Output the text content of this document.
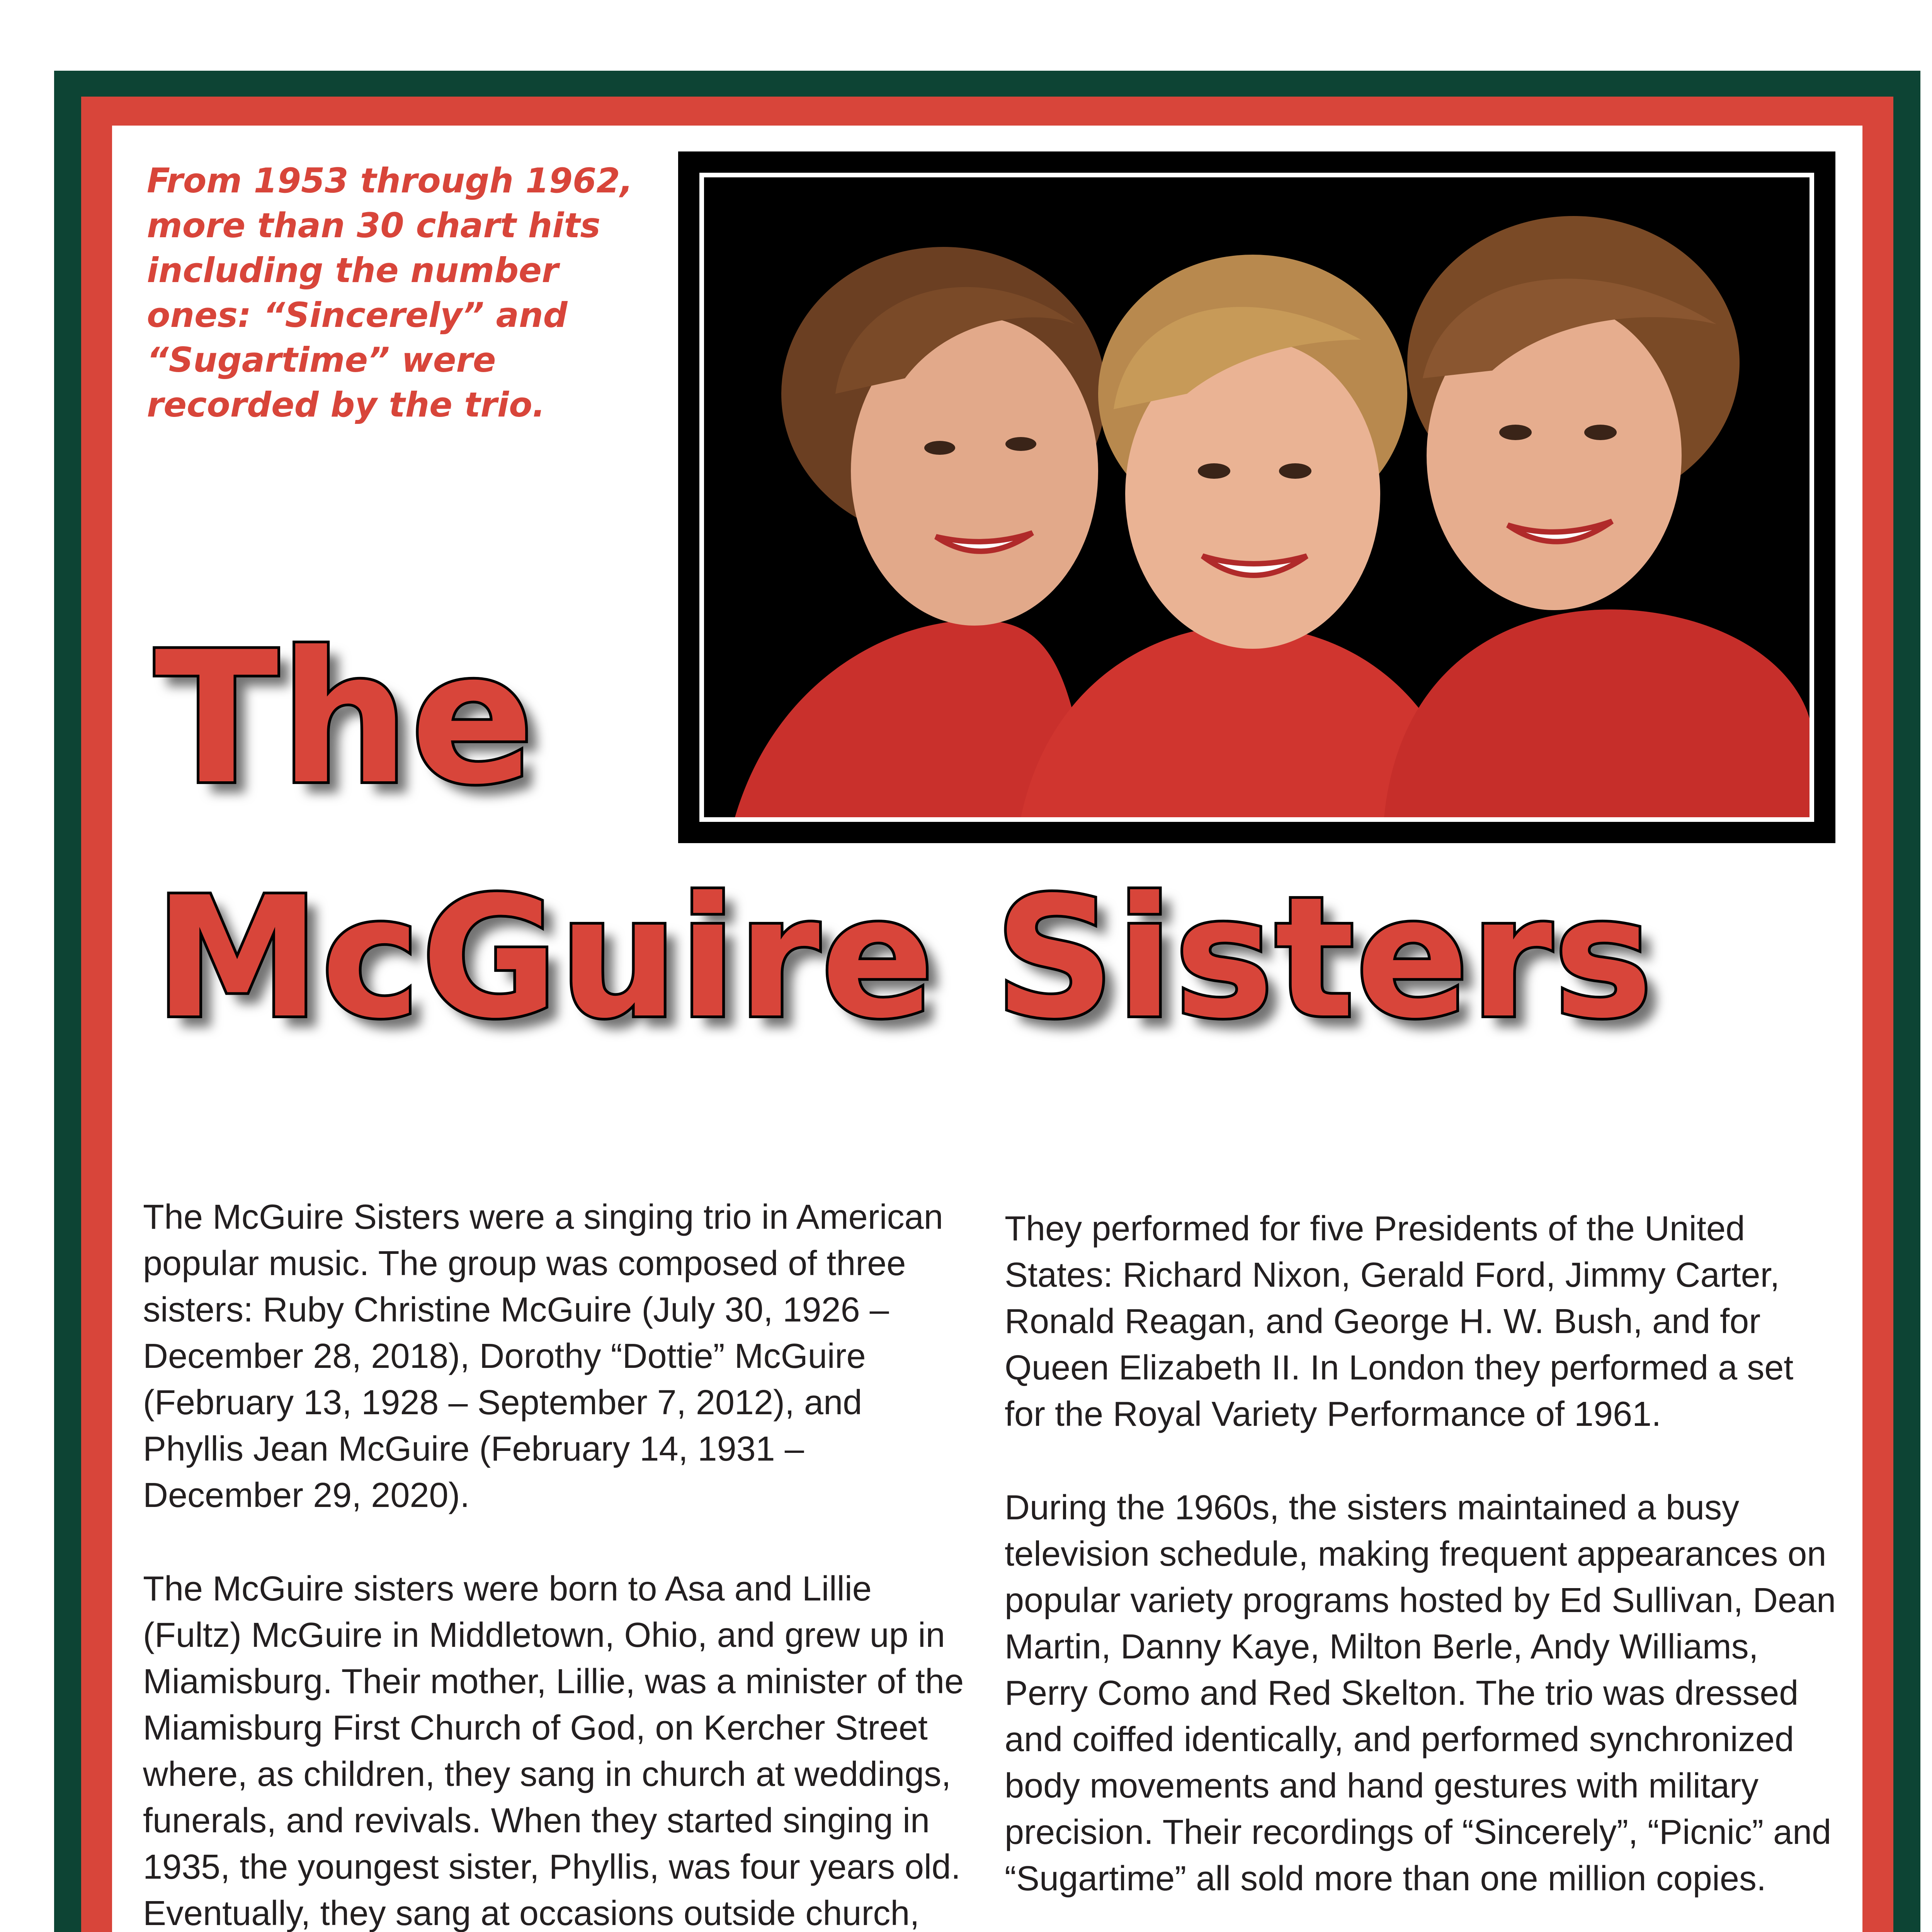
From 1953 through 1962, more than 30 chart hits including the number ones: “Sincerely” and “Sugartime” were recorded by the trio.

The
McGuire Sisters

The McGuire Sisters were a singing trio in American popular music. The group was composed of three sisters: Ruby Christine McGuire (July 30, 1926 – December 28, 2018), Dorothy “Dottie” McGuire (February 13, 1928 – September 7, 2012), and Phyllis Jean McGuire (February 14, 1931 – December 29, 2020).

The McGuire sisters were born to Asa and Lillie (Fultz) McGuire in Middletown, Ohio, and grew up in Miamisburg. Their mother, Lillie, was a minister of the Miamisburg First Church of God, on Kercher Street where, as children, they sang in church at weddings, funerals, and revivals. When they started singing in 1935, the youngest sister, Phyllis, was four years old. Eventually, they sang at occasions outside church,

They performed for five Presidents of the United States: Richard Nixon, Gerald Ford, Jimmy Carter, Ronald Reagan, and George H. W. Bush, and for Queen Elizabeth II. In London they performed a set for the Royal Variety Performance of 1961.

During the 1960s, the sisters maintained a busy television schedule, making frequent appearances on popular variety programs hosted by Ed Sullivan, Dean Martin, Danny Kaye, Milton Berle, Andy Williams, Perry Como and Red Skelton. The trio was dressed and coiffed identically, and performed synchronized body movements and hand gestures with military precision. Their recordings of “Sincerely”, “Picnic” and “Sugartime” all sold more than one million copies.
